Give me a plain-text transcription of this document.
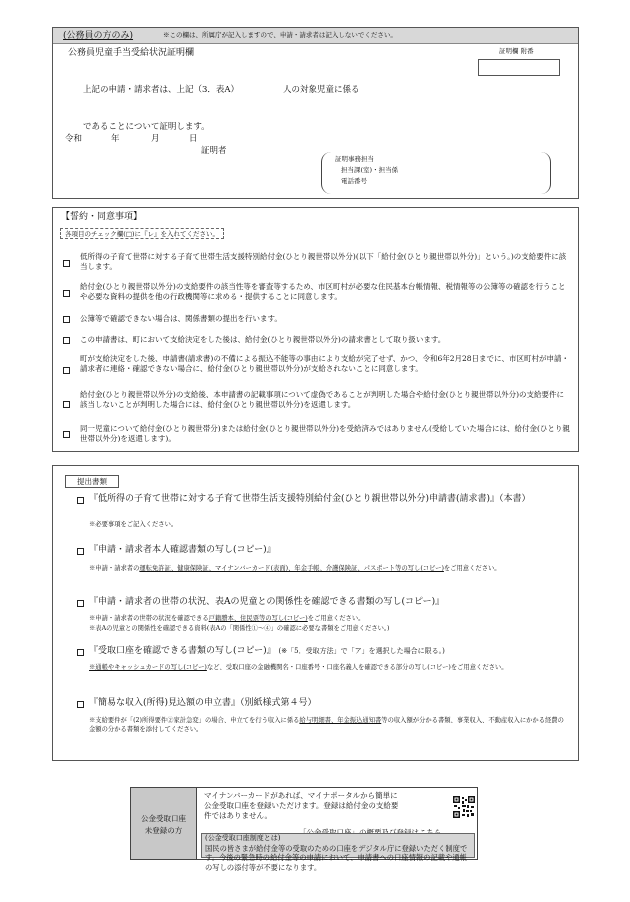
(公務員の方のみ)	※この欄は、所属庁が記入しますので、申請・請求者は記入しないでください。
公務員児童手当受給状況証明欄	証明欄 附番
上記の申請・請求者は、上記（3．表A）	人の対象児童に係る
であることについて証明します。
令和	年	月	日
証明者
証明事務担当
担当課(室)・担当係
電話番号
【誓約・同意事項】
各項目のチェック欄(□)に『レ』を入れてください。
低所得の子育て世帯に対する子育て世帯生活支援特別給付金(ひとり親世帯以外分)(以下「給付金(ひとり親世帯以外分)」という。)の支給要件に該当します。
給付金(ひとり親世帯以外分)の支給要件の該当性等を審査等するため、市区町村が必要な住民基本台帳情報、税情報等の公簿等の確認を行うことや必要な資料の提供を他の行政機関等に求める・提供することに同意します。
公簿等で確認できない場合は、関係書類の提出を行います。
この申請書は、町において支給決定をした後は、給付金(ひとり親世帯以外分)の請求書として取り扱います。
町が支給決定をした後、申請書(請求書)の不備による振込不能等の事由により支給が完了せず、かつ、令和6年2月28日までに、市区町村が申請・請求者に連絡・確認できない場合に、給付金(ひとり親世帯以外分)が支給されないことに同意します。
給付金(ひとり親世帯以外分)の支給後、本申請書の記載事項について虚偽であることが判明した場合や給付金(ひとり親世帯以外分)の支給要件に該当しないことが判明した場合には、給付金(ひとり親世帯以外分)を返還します。
同一児童について給付金(ひとり親世帯分)または給付金(ひとり親世帯以外分)を受給済みではありません(受給していた場合には、給付金(ひとり親世帯以外分)を返還します)。
提出書類
『低所得の子育て世帯に対する子育て世帯生活支援特別給付金(ひとり親世帯以外分)申請書(請求書)』（本書）
※必要事項をご記入ください。
『申請・請求者本人確認書類の写し(コピー)』
※申請・請求者の運転免許証、健康保険証、マイナンバーカード(表面)、年金手帳、介護保険証、パスポート等の写し(コピー)をご用意ください。
『申請・請求者の世帯の状況、表Aの児童との関係性を確認できる書類の写し(コピー)』
※申請・請求者の世帯の状況を確認できる戸籍謄本、住民票等の写し(コピー)をご用意ください。
※表Aの児童との関係性を確認できる資料(表Aの「関係性①～④」の確認に必要な書類をご用意ください。)
『受取口座を確認できる書類の写し(コピー)』 (※「5．受取方法」で「ア」を選択した場合に限る。)
※通帳やキャッシュカードの写し(コピー)など、受取口座の金融機関名・口座番号・口座名義人を確認できる部分の写し(コピー)をご用意ください。
『簡易な収入(所得)見込額の申立書』（別紙様式第４号）
※支給要件が「(2)所得要件②家計急変」の場合、申立てを行う収入に係る給与明細書、年金振込通知書等の収入額が分かる書類、事業収入、不動産収入にかかる経費の金額の分かる書類を添付してください。
公金受取口座
未登録の方
マイナンバーカードがあれば、マイナポータルから簡単に公金受取口座を登録いただけます。登録は給付金の支給要件ではありません。
(公金受取口座制度とは)
国民の皆さまが給付金等の受取のための口座をデジタル庁に登録いただく制度です。今後の緊急時の給付金等の申請において、申請書への口座情報の記載や通帳の写しの添付等が不要になります。
